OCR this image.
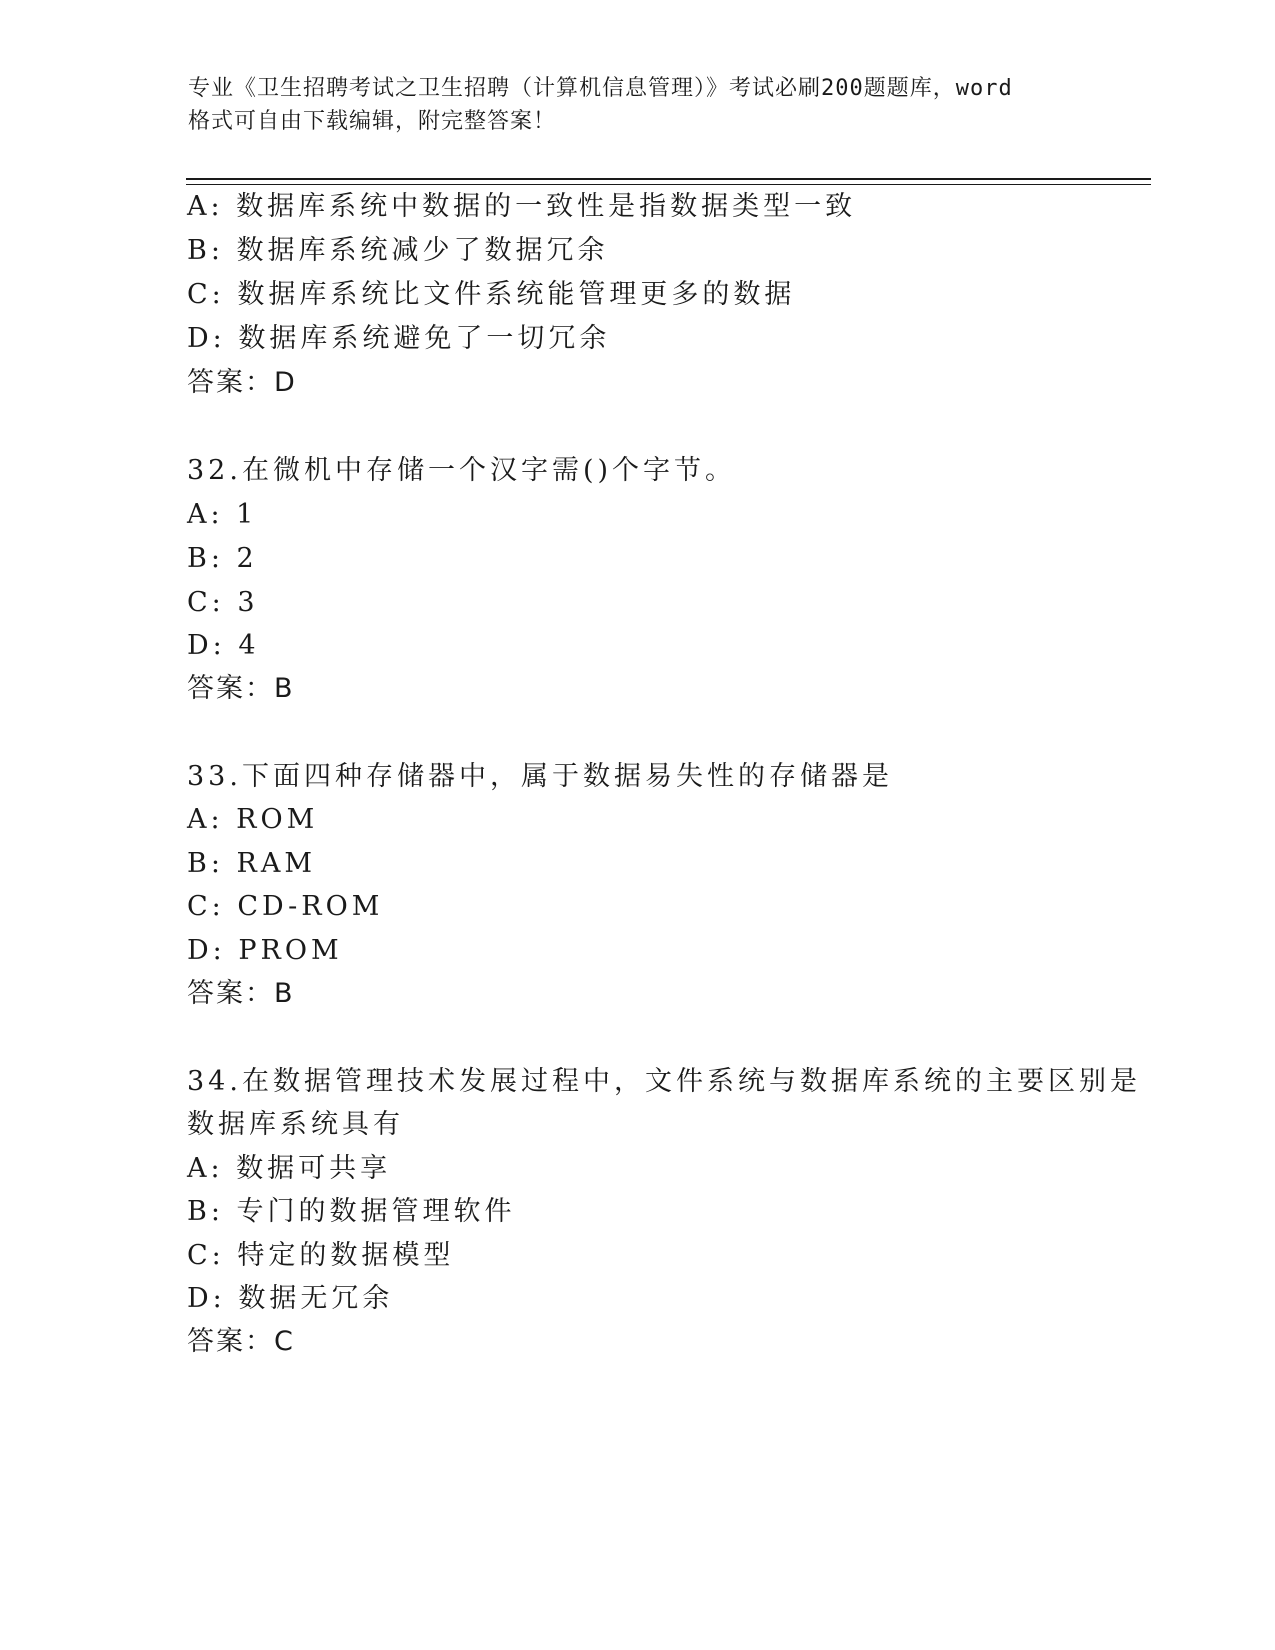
专业《卫生招聘考试之卫生招聘（计算机信息管理）》考试必刷200题题库，word
格式可自由下载编辑，附完整答案！
A: 数据库系统中数据的一致性是指数据类型一致
B: 数据库系统减少了数据冗余
C: 数据库系统比文件系统能管理更多的数据
D: 数据库系统避免了一切冗余
答案：D
32.在微机中存储一个汉字需()个字节。
A: 1
B: 2
C: 3
D: 4
答案：B
33.下面四种存储器中，属于数据易失性的存储器是
A: ROM
B: RAM
C: CD-ROM
D: PROM
答案：B
34.在数据管理技术发展过程中，文件系统与数据库系统的主要区别是
数据库系统具有
A: 数据可共享
B: 专门的数据管理软件
C: 特定的数据模型
D: 数据无冗余
答案：C
